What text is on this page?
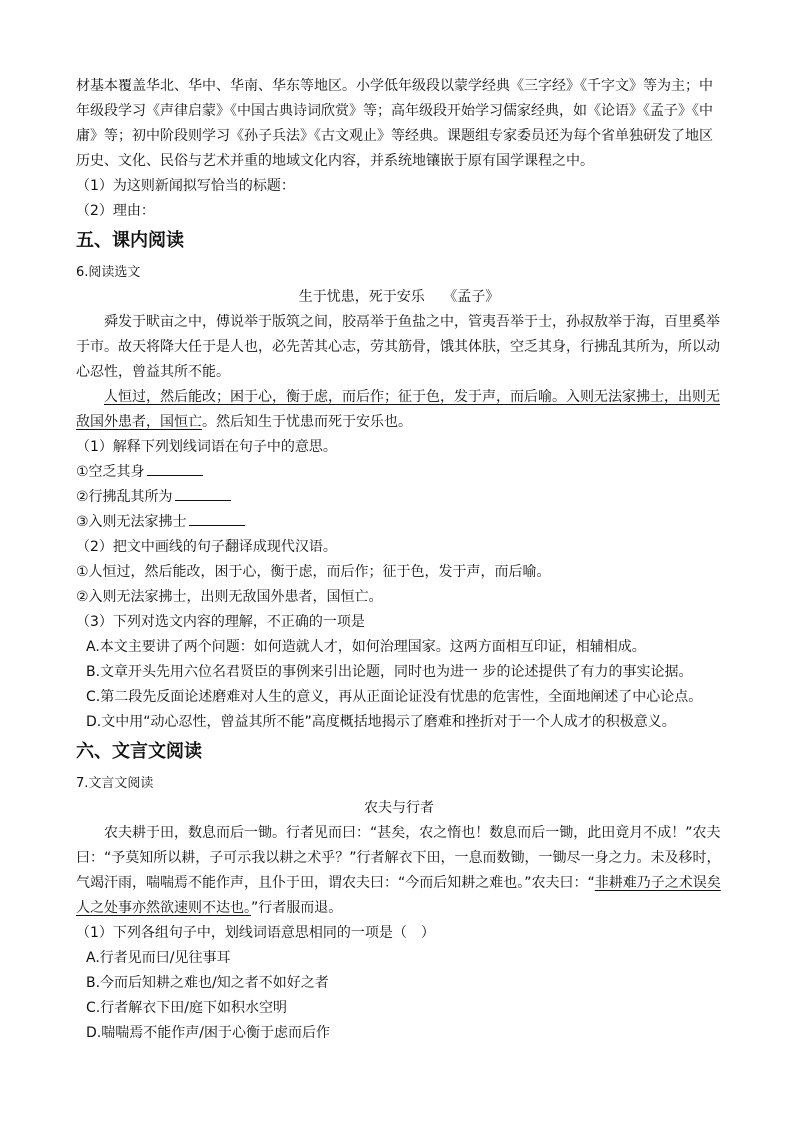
材基本覆盖华北、华中、华南、华东等地区。小学低年级段以蒙学经典《三字经》《千字文》等为主；中年级段学习《声律启蒙》《中国古典诗词欣赏》等；高年级段开始学习儒家经典，如《论语》《孟子》《中庸》等；初中阶段则学习《孙子兵法》《古文观止》等经典。课题组专家委员还为每个省单独研发了地区历史、文化、民俗与艺术并重的地域文化内容，并系统地镶嵌于原有国学课程之中。

（1）为这则新闻拟写恰当的标题：

（2）理由：

五、课内阅读

6.阅读选文

生于忧患，死于安乐　 《孟子》

舜发于畎亩之中，傅说举于版筑之间，胶鬲举于鱼盐之中，管夷吾举于士，孙叔敖举于海，百里奚举于市。故天将降大任于是人也，必先苦其心志，劳其筋骨，饿其体肤，空乏其身，行拂乱其所为，所以动心忍性，曾益其所不能。

人恒过，然后能改；困于心，衡于虑，而后作；征于色，发于声，而后喻。入则无法家拂士，出则无敌国外患者，国恒亡。然后知生于忧患而死于安乐也。

（1）解释下列划线词语在句子中的意思。

①空乏其身

②行拂乱其所为

③入则无法家拂士

（2）把文中画线的句子翻译成现代汉语。

①人恒过，然后能改，困于心，衡于虑，而后作；征于色，发于声，而后喻。

②入则无法家拂士，出则无敌国外患者，国恒亡。

（3）下列对选文内容的理解，不正确的一项是

A.本文主要讲了两个问题：如何造就人才，如何治理国家。这两方面相互印证，相辅相成。

B.文章开头先用六位名君贤臣的事例来引出论题，同时也为进一 步的论述提供了有力的事实论据。

C.第二段先反面论述磨难对人生的意义，再从正面论证没有忧患的危害性，全面地阐述了中心论点。

D.文中用“动心忍性，曾益其所不能”高度概括地揭示了磨难和挫折对于一个人成才的积极意义。

六、文言文阅读

7.文言文阅读

农夫与行者

农夫耕于田，数息而后一锄。行者见而曰：“甚矣，农之惰也！数息而后一锄，此田竟月不成！”农夫曰：“予莫知所以耕，子可示我以耕之术乎？”行者解衣下田，一息而数锄，一锄尽一身之力。未及移时，气竭汗雨，喘喘焉不能作声，且仆于田，谓农夫曰：“今而后知耕之难也。”农夫曰：“非耕难乃子之术误矣人之处事亦然欲速则不达也。”行者服而退。

（1）下列各组句子中，划线词语意思相同的一项是（　）

A.行者见而曰/见往事耳

B.今而后知耕之难也/知之者不如好之者

C.行者解衣下田/庭下如积水空明

D.喘喘焉不能作声/困于心衡于虑而后作
